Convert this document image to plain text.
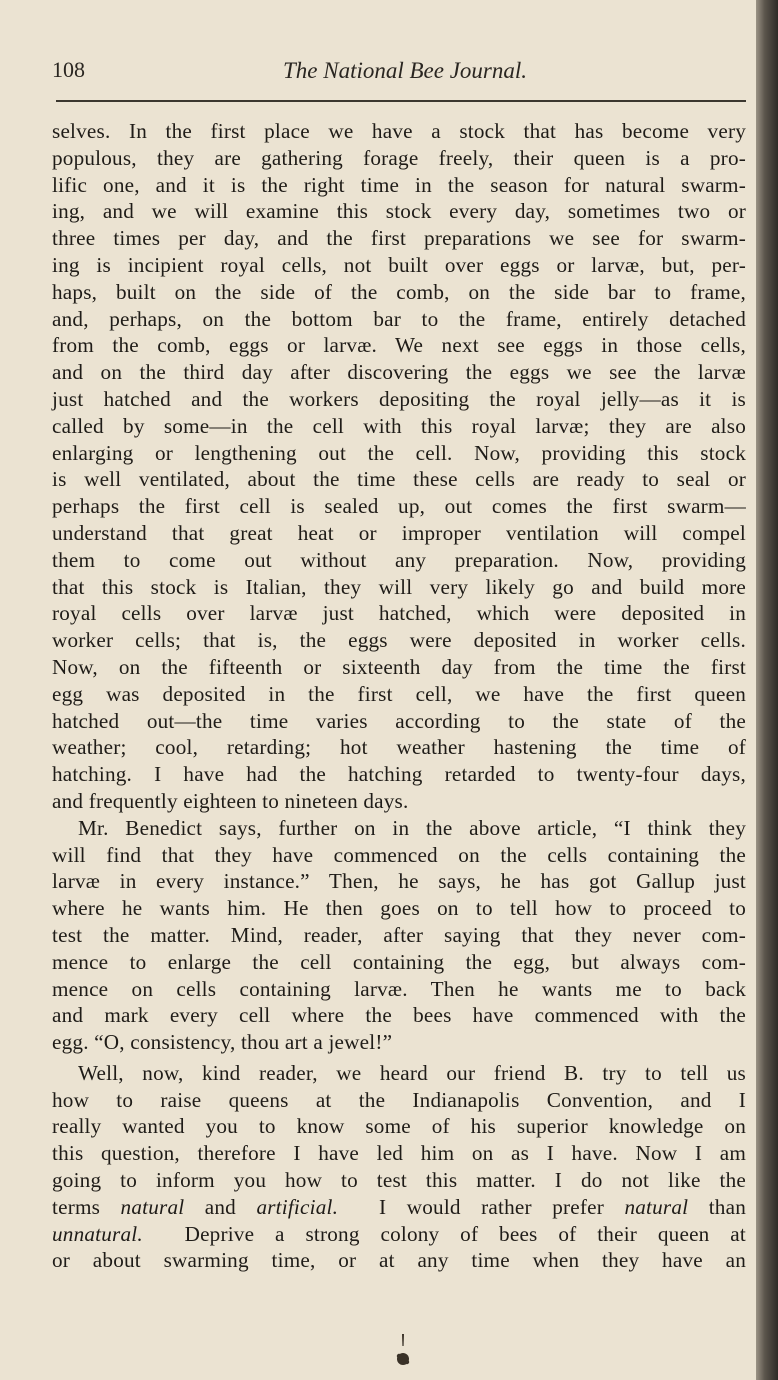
108	The National Bee Journal.
selves. In the first place we have a stock that has become very
populous, they are gathering forage freely, their queen is a pro-
lific one, and it is the right time in the season for natural swarm-
ing, and we will examine this stock every day, sometimes two or
three times per day, and the first preparations we see for swarm-
ing is incipient royal cells, not built over eggs or larvæ, but, per-
haps, built on the side of the comb, on the side bar to frame,
and, perhaps, on the bottom bar to the frame, entirely detached
from the comb, eggs or larvæ. We next see eggs in those cells,
and on the third day after discovering the eggs we see the larvæ
just hatched and the workers depositing the royal jelly—as it is
called by some—in the cell with this royal larvæ; they are also
enlarging or lengthening out the cell. Now, providing this stock
is well ventilated, about the time these cells are ready to seal or
perhaps the first cell is sealed up, out comes the first swarm—
understand that great heat or improper ventilation will compel
them to come out without any preparation. Now, providing
that this stock is Italian, they will very likely go and build more
royal cells over larvæ just hatched, which were deposited in
worker cells; that is, the eggs were deposited in worker cells.
Now, on the fifteenth or sixteenth day from the time the first
egg was deposited in the first cell, we have the first queen
hatched out—the time varies according to the state of the
weather; cool, retarding; hot weather hastening the time of
hatching. I have had the hatching retarded to twenty-four days,
and frequently eighteen to nineteen days.
Mr. Benedict says, further on in the above article, “I think they
will find that they have commenced on the cells containing the
larvæ in every instance.” Then, he says, he has got Gallup just
where he wants him. He then goes on to tell how to proceed to
test the matter. Mind, reader, after saying that they never com-
mence to enlarge the cell containing the egg, but always com-
mence on cells containing larvæ. Then he wants me to back
and mark every cell where the bees have commenced with the
egg. “O, consistency, thou art a jewel!”
Well, now, kind reader, we heard our friend B. try to tell us
how to raise queens at the Indianapolis Convention, and I
really wanted you to know some of his superior knowledge on
this question, therefore I have led him on as I have. Now I am
going to inform you how to test this matter. I do not like the
terms natural and artificial. I would rather prefer natural than
unnatural. Deprive a strong colony of bees of their queen at
or about swarming time, or at any time when they have an
